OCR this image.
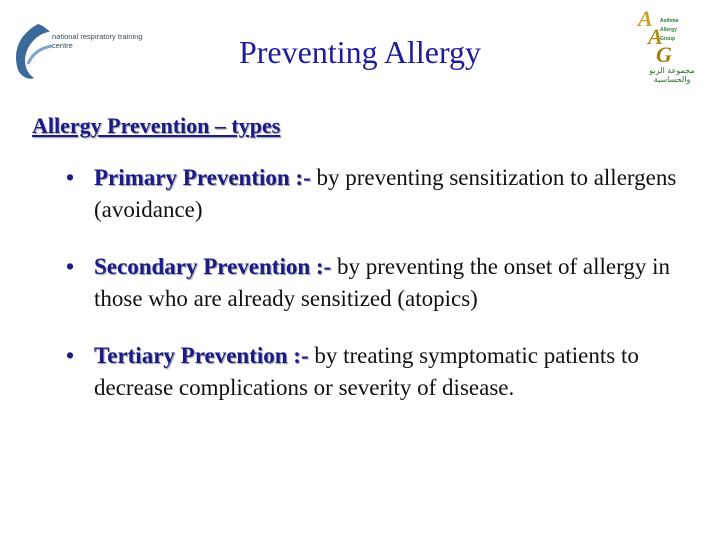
national respiratory training centre	Preventing Allergy
A
A
G
Asthma
Allergy
Group
مجموعة الربو والحساسية
Allergy Prevention – types
• Primary Prevention :- by preventing sensitization to allergens (avoidance)
• Secondary Prevention :- by preventing the onset of allergy in those who are already sensitized (atopics)
• Tertiary Prevention :- by treating symptomatic patients to decrease complications or severity of disease.
